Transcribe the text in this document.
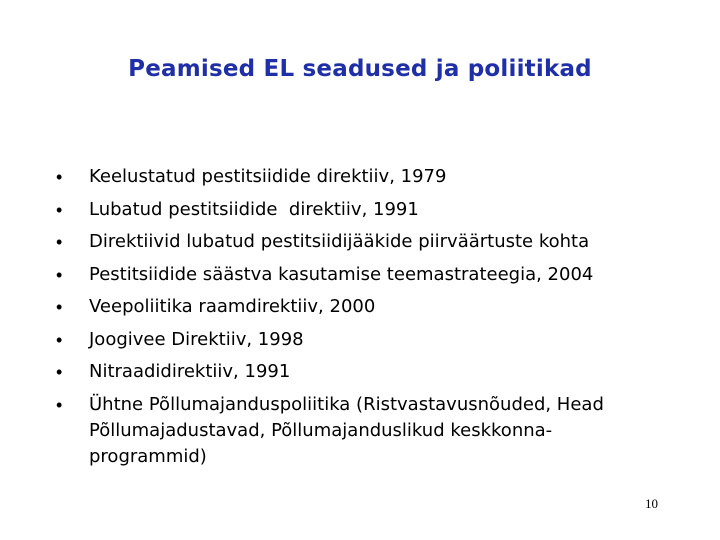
Peamised EL seadused ja poliitikad
• Keelustatud pestitsiidide direktiiv, 1979
• Lubatud pestitsiidide  direktiiv, 1991
• Direktiivid lubatud pestitsiidijääkide piirväärtuste kohta
• Pestitsiidide säästva kasutamise teemastrateegia, 2004
• Veepoliitika raamdirektiiv, 2000
• Joogivee Direktiiv, 1998
• Nitraadidirektiiv, 1991
• Ühtne Põllumajanduspoliitika (Ristvastavusnõuded, Head Põllumajadustavad, Põllumajanduslikud keskkonna-programmid)
10
